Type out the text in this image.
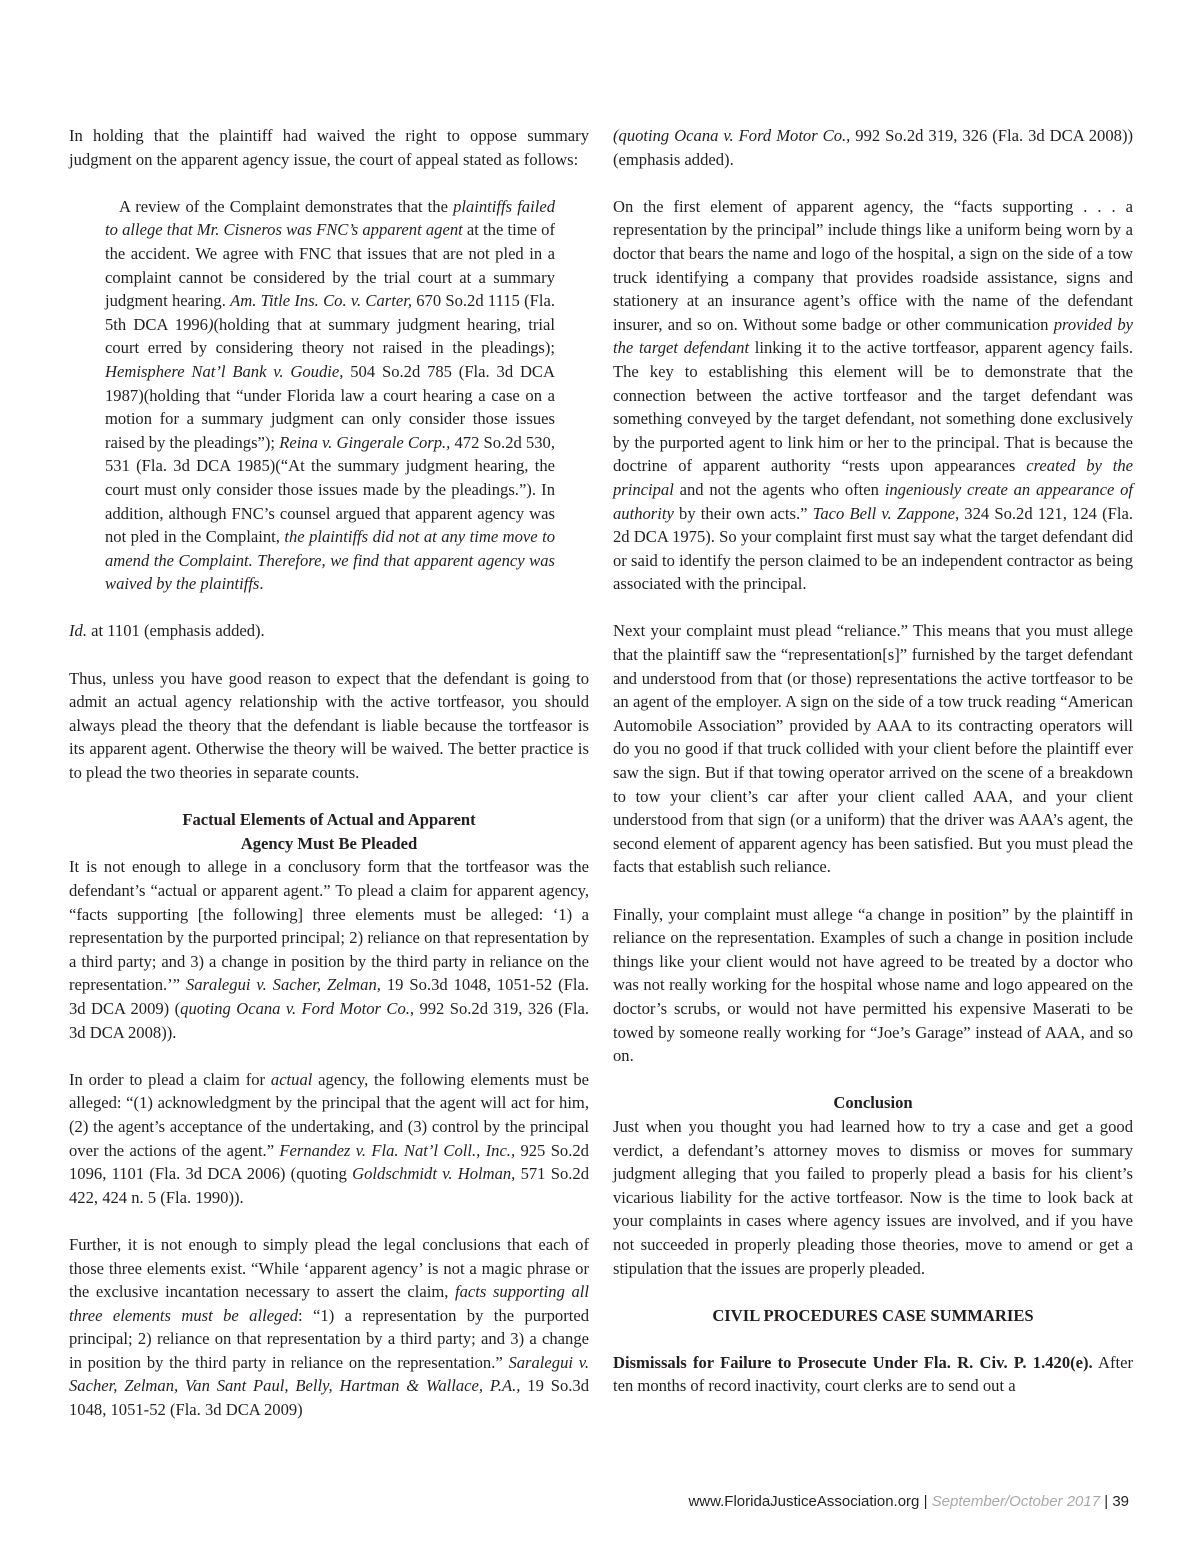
In holding that the plaintiff had waived the right to oppose summary judgment on the apparent agency issue, the court of appeal stated as follows:

A review of the Complaint demonstrates that the plaintiffs failed to allege that Mr. Cisneros was FNC’s apparent agent at the time of the accident. We agree with FNC that issues that are not pled in a complaint cannot be considered by the trial court at a summary judgment hearing. Am. Title Ins. Co. v. Carter, 670 So.2d 1115 (Fla. 5th DCA 1996)(holding that at summary judgment hearing, trial court erred by considering theory not raised in the pleadings); Hemisphere Nat’l Bank v. Goudie, 504 So.2d 785 (Fla. 3d DCA 1987)(holding that “under Florida law a court hearing a case on a motion for a summary judgment can only consider those issues raised by the pleadings”); Reina v. Gingerale Corp., 472 So.2d 530, 531 (Fla. 3d DCA 1985)(“At the summary judgment hearing, the court must only consider those issues made by the pleadings.”). In addition, although FNC’s counsel argued that apparent agency was not pled in the Complaint, the plaintiffs did not at any time move to amend the Complaint. Therefore, we find that apparent agency was waived by the plaintiffs.

Id. at 1101 (emphasis added).

Thus, unless you have good reason to expect that the defendant is going to admit an actual agency relationship with the active tortfeasor, you should always plead the theory that the defendant is liable because the tortfeasor is its apparent agent. Otherwise the theory will be waived. The better practice is to plead the two theories in separate counts.

Factual Elements of Actual and Apparent
Agency Must Be Pleaded

It is not enough to allege in a conclusory form that the tortfeasor was the defendant’s “actual or apparent agent.” To plead a claim for apparent agency, “facts supporting [the following] three elements must be alleged: ‘1) a representation by the purported principal; 2) reliance on that representation by a third party; and 3) a change in position by the third party in reliance on the representation.’” Saralegui v. Sacher, Zelman, 19 So.3d 1048, 1051-52 (Fla. 3d DCA 2009) (quoting Ocana v. Ford Motor Co., 992 So.2d 319, 326 (Fla. 3d DCA 2008)).

In order to plead a claim for actual agency, the following elements must be alleged: “(1) acknowledgment by the principal that the agent will act for him, (2) the agent’s acceptance of the undertaking, and (3) control by the principal over the actions of the agent.” Fernandez v. Fla. Nat’l Coll., Inc., 925 So.2d 1096, 1101 (Fla. 3d DCA 2006) (quoting Goldschmidt v. Holman, 571 So.2d 422, 424 n. 5 (Fla. 1990)).

Further, it is not enough to simply plead the legal conclusions that each of those three elements exist. “While ‘apparent agency’ is not a magic phrase or the exclusive incantation necessary to assert the claim, facts supporting all three elements must be alleged: “1) a representation by the purported principal; 2) reliance on that representation by a third party; and 3) a change in position by the third party in reliance on the representation.” Saralegui v. Sacher, Zelman, Van Sant Paul, Belly, Hartman & Wallace, P.A., 19 So.3d 1048, 1051-52 (Fla. 3d DCA 2009)

(quoting Ocana v. Ford Motor Co., 992 So.2d 319, 326 (Fla. 3d DCA 2008))(emphasis added).

On the first element of apparent agency, the “facts supporting . . . a representation by the principal” include things like a uniform being worn by a doctor that bears the name and logo of the hospital, a sign on the side of a tow truck identifying a company that provides roadside assistance, signs and stationery at an insurance agent’s office with the name of the defendant insurer, and so on. Without some badge or other communication provided by the target defendant linking it to the active tortfeasor, apparent agency fails. The key to establishing this element will be to demonstrate that the connection between the active tortfeasor and the target defendant was something conveyed by the target defendant, not something done exclusively by the purported agent to link him or her to the principal. That is because the doctrine of apparent authority “rests upon appearances created by the principal and not the agents who often ingeniously create an appearance of authority by their own acts.” Taco Bell v. Zappone, 324 So.2d 121, 124 (Fla. 2d DCA 1975). So your complaint first must say what the target defendant did or said to identify the person claimed to be an independent contractor as being associated with the principal.

Next your complaint must plead “reliance.” This means that you must allege that the plaintiff saw the “representation[s]” furnished by the target defendant and understood from that (or those) representations the active tortfeasor to be an agent of the employer. A sign on the side of a tow truck reading “American Automobile Association” provided by AAA to its contracting operators will do you no good if that truck collided with your client before the plaintiff ever saw the sign. But if that towing operator arrived on the scene of a breakdown to tow your client’s car after your client called AAA, and your client understood from that sign (or a uniform) that the driver was AAA’s agent, the second element of apparent agency has been satisfied. But you must plead the facts that establish such reliance.

Finally, your complaint must allege “a change in position” by the plaintiff in reliance on the representation. Examples of such a change in position include things like your client would not have agreed to be treated by a doctor who was not really working for the hospital whose name and logo appeared on the doctor’s scrubs, or would not have permitted his expensive Maserati to be towed by someone really working for “Joe’s Garage” instead of AAA, and so on.

Conclusion

Just when you thought you had learned how to try a case and get a good verdict, a defendant’s attorney moves to dismiss or moves for summary judgment alleging that you failed to properly plead a basis for his client’s vicarious liability for the active tortfeasor. Now is the time to look back at your complaints in cases where agency issues are involved, and if you have not succeeded in properly pleading those theories, move to amend or get a stipulation that the issues are properly pleaded.

CIVIL PROCEDURES CASE SUMMARIES

Dismissals for Failure to Prosecute Under Fla. R. Civ. P. 1.420(e). After ten months of record inactivity, court clerks are to send out a

www.FloridaJusticeAssociation.org | September/October 2017 | 39
